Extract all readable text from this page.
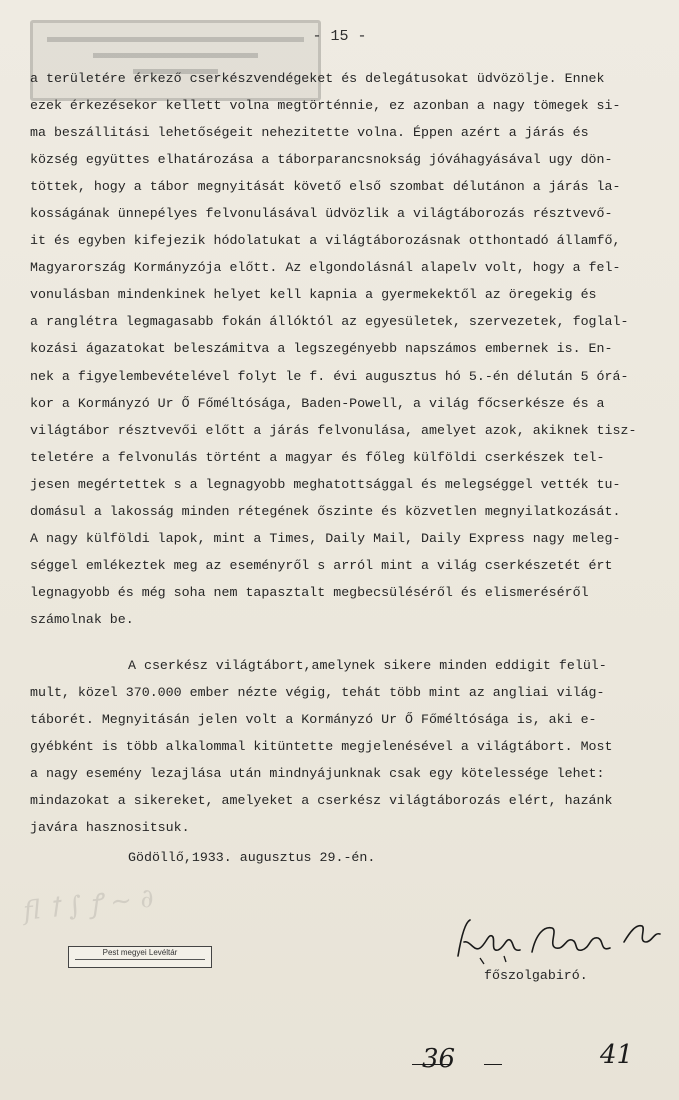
- 15 -
a területére érkező cserkészvendégeket és delegátusokat üdvözölje. Ennek
ezek érkezésekor kellett volna megtörténnie, ez azonban a nagy tömegek si-
ma beszállitási lehetőségeit nehezitette volna. Éppen azért a járás és
község együttes elhatározása a táborparancsnokság jóváhagyásával ugy dön-
töttek, hogy a tábor megnyitását követő első szombat délutánon a járás la-
kosságának ünnepélyes felvonulásával üdvözlik a világtáborozás résztvevő-
it és egyben kifejezik hódolatukat a világtáborozásnak otthontadó államfő,
Magyarország Kormányzója előtt. Az elgondolásnál alapelv volt, hogy a fel-
vonulásban mindenkinek helyet kell kapnia a gyermekektől az öregekig és
a ranglétra legmagasabb fokán állóktól az egyesületek, szervezetek, foglal-
kozási ágazatokat beleszámitva a legszegényebb napszámos embernek is. En-
nek a figyelembevételével folyt le f. évi augusztus hó 5.-én délután 5 órá-
kor a Kormányzó Ur Ő Főméltósága, Baden-Powell, a világ főcserkésze és a
világtábor résztvevői előtt a járás felvonulása, amelyet azok, akiknek tisz-
teletére a felvonulás történt a magyar és főleg külföldi cserkészek tel-
jesen megértettek s a legnagyobb meghatottsággal és melegséggel vették tu-
domásul a lakosság minden rétegének őszinte és közvetlen megnyilatkozását.
A nagy külföldi lapok, mint a Times, Daily Mail, Daily Express nagy meleg-
séggel emlékeztek meg az eseményről s arról mint a világ cserkészetét ért
legnagyobb és még soha nem tapasztalt megbecsüléséről és elismeréséről
számolnak be.
A cserkész világtábort,amelynek sikere minden eddigit felül-
mult, közel 370.000 ember nézte végig, tehát több mint az angliai világ-
táborét. Megnyitásán jelen volt a Kormányzó Ur Ő Főméltósága is, aki e-
gyébként is több alkalommal kitüntette megjelenésével a világtábort. Most
a nagy esemény lezajlása után mindnyájunknak csak egy kötelessége lehet:
mindazokat a sikereket, amelyeket a cserkész világtáborozás elért, hazánk
javára hasznositsuk.
Gödöllő,1933. augusztus 29.-én.
ﬂ ꝉ ∫ ꝭ ~ ∂
Pest megyei Levéltár
főszolgabiró.
36	41
